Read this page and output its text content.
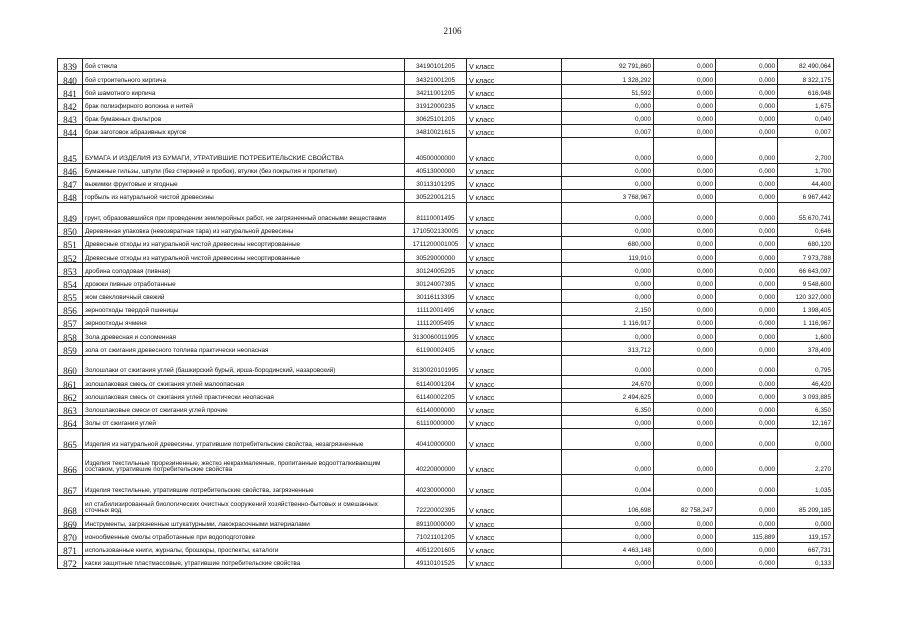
2106
839	бой стекла	34190101205	V класс	92 791,860	0,000	0,000	82 490,064
840	бой строительного кирпича	34321001205	V класс	1 328,292	0,000	0,000	8 322,175
841	бой шамотного кирпича	34211001205	V класс	51,592	0,000	0,000	616,948
842	брак полиэфирного волокна и нитей	31912000235	V класс	0,000	0,000	0,000	1,675
843	брак бумажных фильтров	30625101205	V класс	0,000	0,000	0,000	0,040
844	брак заготовок абразивных кругов	34810021615	V класс	0,007	0,000	0,000	0,007
845	БУМАГА И ИЗДЕЛИЯ ИЗ БУМАГИ, УТРАТИВШИЕ ПОТРЕБИТЕЛЬСКИЕ СВОЙСТВА	40500000000	V класс	0,000	0,000	0,000	2,700
846	Бумажные гильзы, шпули (без стержней и пробок), втулки (без покрытия и пропитки)	40513000000	V класс	0,000	0,000	0,000	1,700
847	выжимки фруктовые и ягодные	30113101295	V класс	0,000	0,000	0,000	44,400
848	горбыль из натуральной чистой древесины	30522001215	V класс	3 768,967	0,000	0,000	6 967,442
849	грунт, образовавшийся при проведении землеройных работ, не загрязненный опасными веществами	81110001495	V класс	0,000	0,000	0,000	55 670,741
850	Деревянная упаковка (невозвратная тара) из натуральной древесины	1710502130005	V класс	0,000	0,000	0,000	0,646
851	Древесные отходы из натуральной чистой древесины несортированные	1711200001005	V класс	680,000	0,000	0,000	680,120
852	Древесные отходы из натуральной чистой древесины несортированные	30529000000	V класс	119,910	0,000	0,000	7 973,788
853	дробина солодовая (пивная)	30124005295	V класс	0,000	0,000	0,000	66 643,097
854	дрожжи пивные отработанные	30124007395	V класс	0,000	0,000	0,000	9 548,600
855	жом свекловичный свежий	30116113395	V класс	0,000	0,000	0,000	120 327,000
856	зерноотходы твердой пшеницы	11112001495	V класс	2,150	0,000	0,000	1 398,405
857	зерноотходы ячменя	11112005495	V класс	1 116,917	0,000	0,000	1 116,967
858	Зола древесная и соломенная	3130060011995	V класс	0,000	0,000	0,000	1,600
859	зола от сжигания древесного топлива практически неопасная	61190002405	V класс	313,712	0,000	0,000	378,409
860	Золошлаки от сжигания углей (башкирский бурый, ирша-бородинский, назаровский)	3130020101995	V класс	0,000	0,000	0,000	0,795
861	золошлаковая смесь от сжигания углей малоопасная	61140001204	V класс	24,670	0,000	0,000	46,420
862	золошлаковая смесь от сжигания углей практически неопасная	61140002205	V класс	2 494,625	0,000	0,000	3 093,885
863	Золошлаковые смеси от сжигания углей прочие	61140000000	V класс	6,350	0,000	0,000	6,350
864	Золы от сжигания углей	61110000000	V класс	0,000	0,000	0,000	12,167
865	Изделия из натуральной древесины, утратившие потребительские свойства, незагрязненные	40410000000	V класс	0,000	0,000	0,000	0,000
866	Изделия текстильные прорезиненные, жестко некрахмаленные, пропитанные водоотталкивающим составом, утратившие потребительские свойства	40220000000	V класс	0,000	0,000	0,000	2,270
867	Изделия текстильные, утратившие потребительские свойства, загрязненные	40230000000	V класс	0,004	0,000	0,000	1,035
868	ил стабилизированный биологических очистных сооружений хозяйственно-бытовых и смешанных сточных вод	72220002395	V класс	106,698	82 758,247	0,000	85 209,185
869	Инструменты, загрязненные штукатурными, лакокрасочными материалами	89110000000	V класс	0,000	0,000	0,000	0,000
870	ионообменные смолы отработанные при водоподготовке	71021101205	V класс	0,000	0,000	115,889	119,157
871	использованные книги, журналы, брошюры, проспекты, каталоги	40512201605	V класс	4 463,148	0,000	0,000	667,731
872	каски защитные пластмассовые, утратившие потребительские свойства	49110101525	V класс	0,000	0,000	0,000	0,133
